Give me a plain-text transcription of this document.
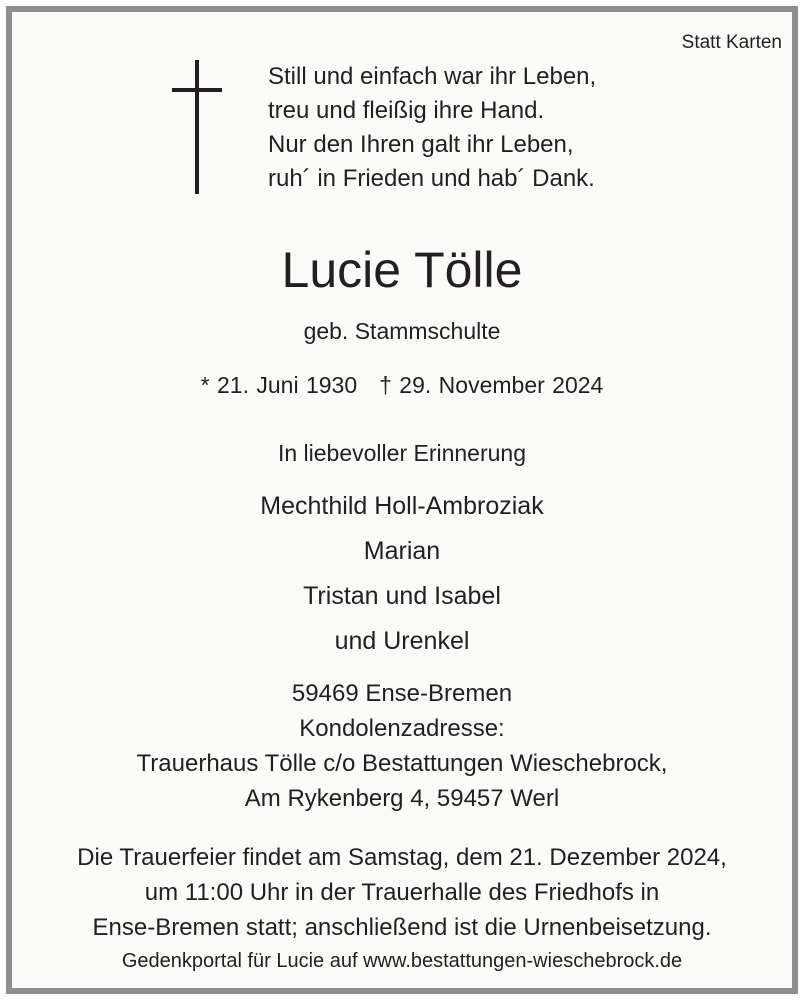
Statt Karten
Still und einfach war ihr Leben,
treu und fleißig ihre Hand.
Nur den Ihren galt ihr Leben,
ruh´ in Frieden und hab´ Dank.
Lucie Tölle
geb. Stammschulte
* 21. Juni 1930 † 29. November 2024
In liebevoller Erinnerung
Mechthild Holl-Ambroziak
Marian
Tristan und Isabel
und Urenkel
59469 Ense-Bremen
Kondolenzadresse:
Trauerhaus Tölle c/o Bestattungen Wieschebrock,
Am Rykenberg 4, 59457 Werl
Die Trauerfeier findet am Samstag, dem 21. Dezember 2024,
um 11:00 Uhr in der Trauerhalle des Friedhofs in
Ense-Bremen statt; anschließend ist die Urnenbeisetzung.
Gedenkportal für Lucie auf www.bestattungen-wieschebrock.de
